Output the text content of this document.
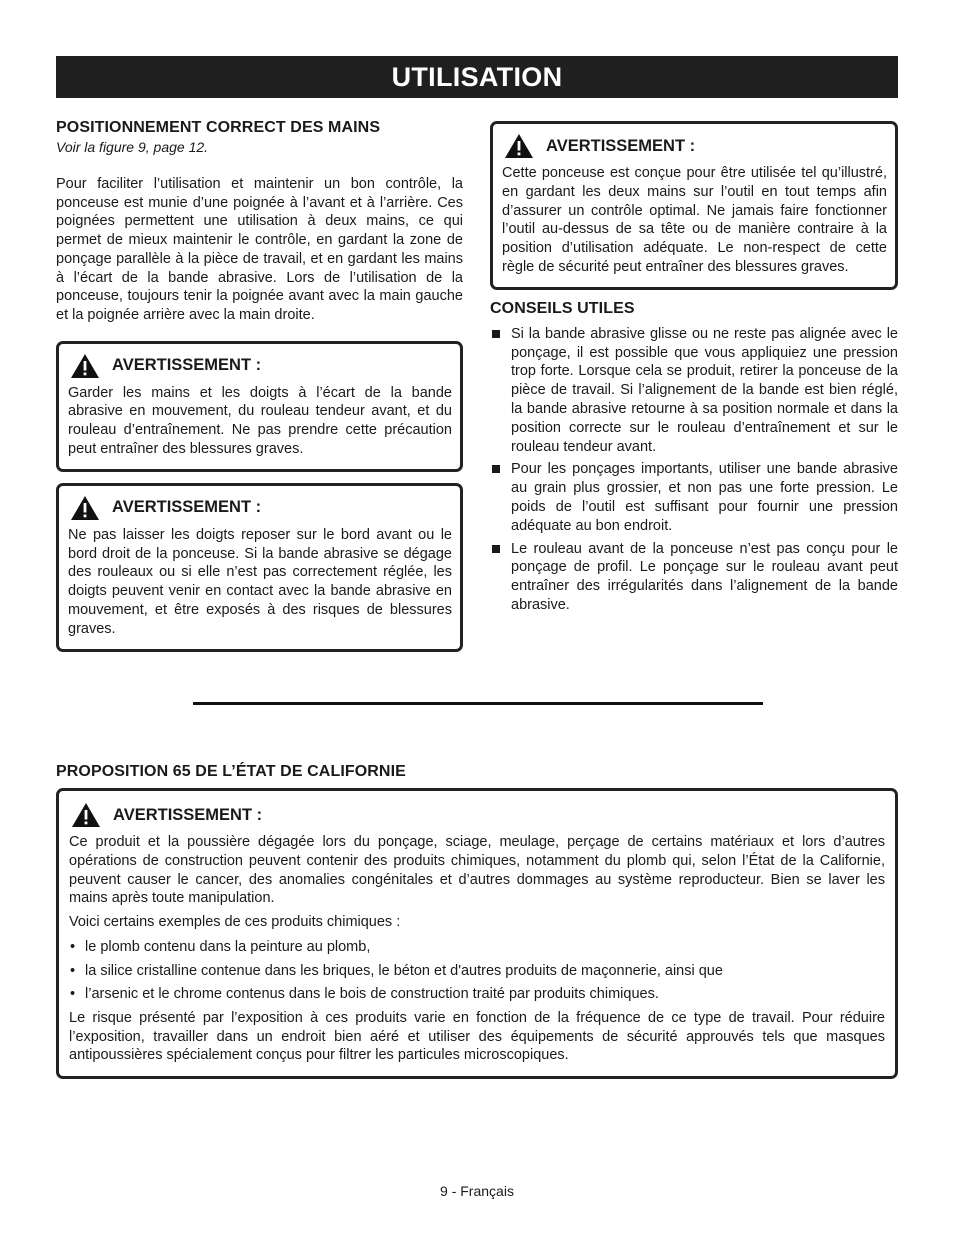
UTILISATION
POSITIONNEMENT CORRECT DES MAINS
Voir la figure 9, page 12.

Pour faciliter l’utilisation et maintenir un bon contrôle, la ponceuse est munie d’une poignée à l’avant et à l’arrière. Ces poignées permettent une utilisation à deux mains, ce qui permet de mieux maintenir le contrôle, en gardant la zone de ponçage parallèle à la pièce de travail, et en gardant les mains à l’écart de la bande abrasive. Lors de l’utilisation de la ponceuse, toujours tenir la poignée avant avec la main gauche et la poignée arrière avec la main droite.

AVERTISSEMENT :

Garder les mains et les doigts à l’écart de la bande abrasive en mouvement, du rouleau tendeur avant, et du rouleau d’entraînement. Ne pas prendre cette précaution peut entraîner des blessures graves.

AVERTISSEMENT :

Ne pas laisser les doigts reposer sur le bord avant ou le bord droit de la ponceuse. Si la bande abrasive se dégage des rouleaux ou si elle n’est pas correctement réglée, les doigts peuvent venir en contact avec la bande abrasive en mouvement, et être exposés à des risques de blessures graves.

AVERTISSEMENT :

Cette ponceuse est conçue pour être utilisée tel qu’illustré, en gardant les deux mains sur l’outil en tout temps afin d’assurer un contrôle optimal. Ne jamais faire fonctionner l’outil au-dessus de sa tête ou de manière contraire à la position d’utilisation adéquate. Le non-respect de cette règle de sécurité peut entraîner des blessures graves.

CONSEILS UTILES
Si la bande abrasive glisse ou ne reste pas alignée avec le ponçage, il est possible que vous appliquiez une pression trop forte. Lorsque cela se produit, retirer la ponceuse de la pièce de travail. Si l’alignement de la bande est bien réglé, la bande abrasive retourne à sa position normale et dans la position correcte sur le rouleau d’entraînement et sur le rouleau tendeur avant.
Pour les ponçages importants, utiliser une bande abrasive au grain plus grossier, et non pas une forte pression. Le poids de l’outil est suffisant pour fournir une pression adéquate au bon endroit.
Le rouleau avant de la ponceuse n’est pas conçu pour le ponçage de profil. Le ponçage sur le rouleau avant peut entraîner des irrégularités dans l’alignement de la bande abrasive.
PROPOSITION 65 DE L’ÉTAT DE CALIFORNIE
AVERTISSEMENT :

Ce produit et la poussière dégagée lors du ponçage, sciage, meulage, perçage de certains matériaux et lors d’autres opérations de construction peuvent contenir des produits chimiques, notamment du plomb qui, selon l’État de la Californie, peuvent causer le cancer, des anomalies congénitales et d’autres dommages au système reproducteur. Bien se laver les mains après toute manipulation.

Voici certains exemples de ces produits chimiques :

• le plomb contenu dans la peinture au plomb,
• la silice cristalline contenue dans les briques, le béton et d'autres produits de maçonnerie, ainsi que
• l’arsenic et le chrome contenus dans le bois de construction traité par produits chimiques.

Le risque présenté par l’exposition à ces produits varie en fonction de la fréquence de ce type de travail. Pour réduire l’exposition, travailler dans un endroit bien aéré et utiliser des équipements de sécurité approuvés tels que masques antipoussières spécialement conçus pour filtrer les particules microscopiques.

9 - Français
